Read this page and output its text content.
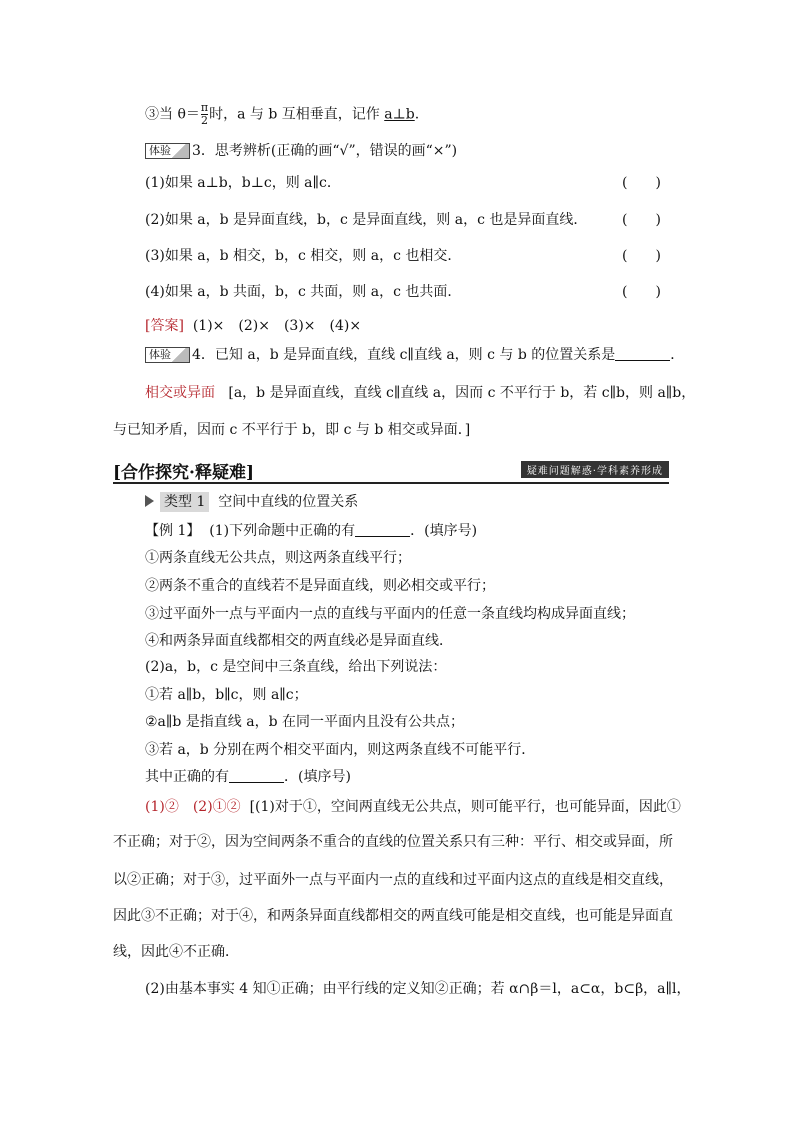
③当 $\theta= \frac{\pi}{2}$ 时，a 与 b 互相垂直，记作 a⊥b.
体验 3．思考辨析(正确的画“√”，错误的画“×”)
(1)如果 a⊥b，b⊥c，则 a∥c．	(　　)
(2)如果 a，b 是异面直线，b，c 是异面直线，则 a，c 也是异面直线． (　　)
(3)如果 a，b 相交，b，c 相交，则 a，c 也相交．	(　　)
(4)如果 a，b 共面，b，c 共面，则 a，c 也共面．	(　　)
[答案] (1)×　(2)×　(3)×　(4)×
体验 4．已知 a，b 是异面直线，直线 c∥直线 a，则 c 与 b 的位置关系是	．
相交或异面 [a，b 是异面直线，直线 c∥直线 a，因而 c 不平行于 b，若 c∥b，则 a∥b，
与已知矛盾，因而 c 不平行于 b，即 c 与 b 相交或异面．]
[合作探究·释疑难]	疑难问题解惑·学科素养形成
类型 1 空间中直线的位置关系
【例 1】 (1)下列命题中正确的有	．(填序号)
①两条直线无公共点，则这两条直线平行；
②两条不重合的直线若不是异面直线，则必相交或平行；
③过平面外一点与平面内一点的直线与平面内的任意一条直线均构成异面直线；
④和两条异面直线都相交的两直线必是异面直线．
(2)a，b，c 是空间中三条直线，给出下列说法：
①若 a∥b，b∥c，则 a∥c；
②a∥b 是指直线 a，b 在同一平面内且没有公共点；
③若 a，b 分别在两个相交平面内，则这两条直线不可能平行．
其中正确的有	．(填序号)
(1)②　(2)①② [(1)对于①，空间两直线无公共点，则可能平行，也可能异面，因此①
不正确；对于②，因为空间两条不重合的直线的位置关系只有三种：平行、相交或异面，所
以②正确；对于③，过平面外一点与平面内一点的直线和过平面内这点的直线是相交直线，
因此③不正确；对于④，和两条异面直线都相交的两直线可能是相交直线，也可能是异面直
线，因此④不正确．
(2)由基本事实 4 知①正确；由平行线的定义知②正确；若 α∩β＝l，a⊂α，b⊂β，a∥l，
